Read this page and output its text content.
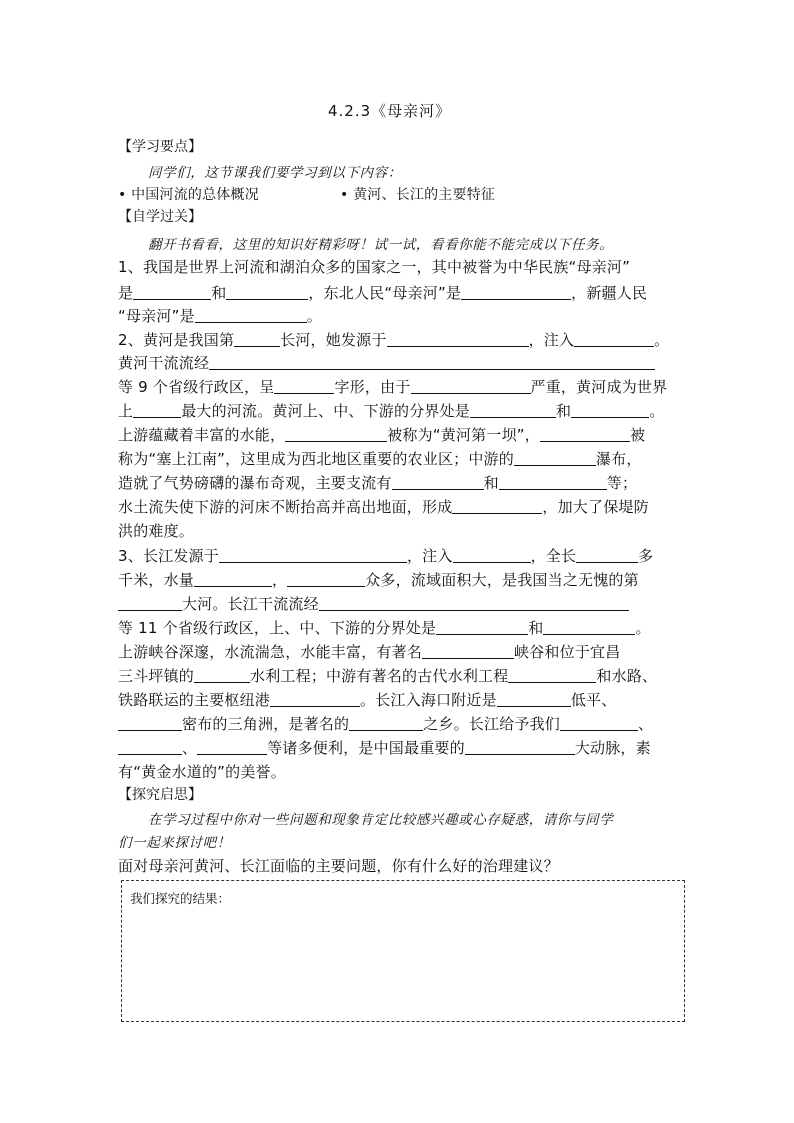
4.2.3《母亲河》
【学习要点】
同学们，这节课我们要学习到以下内容：
• 中国河流的总体概况	• 黄河、长江的主要特征
【自学过关】
翻开书看看，这里的知识好精彩呀！试一试，看看你能不能完成以下任务。
1、我国是世界上河流和湖泊众多的国家之一，其中被誉为中华民族“母亲河”
是	和	，东北人民“母亲河”是	，新疆人民
“母亲河”是	。
2、黄河是我国第	长河，她发源于	，注入	。
黄河干流流经
等 9 个省级行政区，呈	字形，由于	严重，黄河成为世界
上	最大的河流。黄河上、中、下游的分界处是	和	。
上游蕴藏着丰富的水能，	被称为“黄河第一坝”，	被
称为“塞上江南”，这里成为西北地区重要的农业区；中游的	瀑布，
造就了气势磅礴的瀑布奇观，主要支流有	和	等；
水土流失使下游的河床不断抬高并高出地面，形成	，加大了保堤防
洪的难度。
3、长江发源于	，注入	，全长	多
千米，水量	，	众多，流域面积大，是我国当之无愧的第
大河。长江干流流经
等 11 个省级行政区，上、中、下游的分界处是	和	。
上游峡谷深邃，水流湍急，水能丰富，有著名	峡谷和位于宜昌
三斗坪镇的	水利工程；中游有著名的古代水利工程	和水路、
铁路联运的主要枢纽港	。长江入海口附近是	低平、
密布的三角洲，是著名的	之乡。长江给予我们	、
、	等诸多便利，是中国最重要的	大动脉，素
有“黄金水道的”的美誉。
【探究启思】
在学习过程中你对一些问题和现象肯定比较感兴趣或心存疑惑，请你与同学
们一起来探讨吧！
面对母亲河黄河、长江面临的主要问题，你有什么好的治理建议？
我们探究的结果：
